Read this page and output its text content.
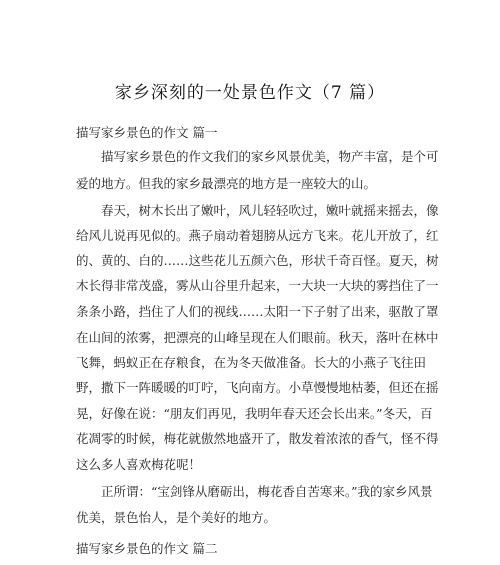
家乡深刻的一处景色作文（7 篇）
描写家乡景色的作文 篇一
描写家乡景色的作文我们的家乡风景优美，物产丰富，是个可
爱的地方。但我的家乡最漂亮的地方是一座较大的山。
春天，树木长出了嫩叶，风儿轻轻吹过，嫩叶就摇来摇去，像
给风儿说再见似的。燕子扇动着翅膀从远方飞来。花儿开放了，红
的、黄的、白的……这些花儿五颜六色，形状千奇百怪。夏天，树
木长得非常茂盛，雾从山谷里升起来，一大块一大块的雾挡住了一
条条小路，挡住了人们的视线……太阳一下子射了出来，驱散了罩
在山间的浓雾，把漂亮的山峰呈现在人们眼前。秋天，落叶在林中
飞舞，蚂蚁正在存粮食，在为冬天做准备。长大的小燕子飞往田
野，撒下一阵暖暖的叮咛，飞向南方。小草慢慢地枯萎，但还在摇
晃，好像在说：“朋友们再见，我明年春天还会长出来。”冬天，百
花凋零的时候，梅花就傲然地盛开了，散发着浓浓的香气，怪不得
这么多人喜欢梅花呢！
正所谓：“宝剑锋从磨砺出，梅花香自苦寒来。”我的家乡风景
优美，景色怡人，是个美好的地方。
描写家乡景色的作文 篇二
